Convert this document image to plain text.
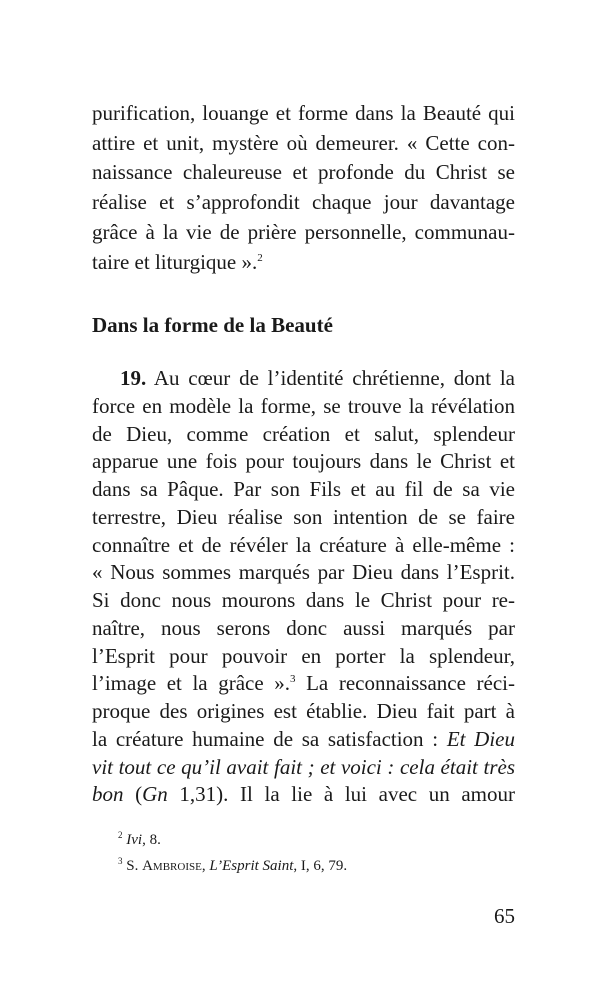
purification, louange et forme dans la Beauté qui
attire et unit, mystère où demeurer. « Cette con-
naissance chaleureuse et profonde du Christ se
réalise et s’approfondit chaque jour davantage
grâce à la vie de prière personnelle, communau-
taire et liturgique ».$^2$
Dans la forme de la Beauté
19. Au cœur de l’identité chrétienne, dont la
force en modèle la forme, se trouve la révélation
de Dieu, comme création et salut, splendeur
apparue une fois pour toujours dans le Christ et
dans sa Pâque. Par son Fils et au fil de sa vie
terrestre, Dieu réalise son intention de se faire
connaître et de révéler la créature à elle-même :
« Nous sommes marqués par Dieu dans l’Esprit.
Si donc nous mourons dans le Christ pour re-
naître, nous serons donc aussi marqués par
l’Esprit pour pouvoir en porter la splendeur,
l’image et la grâce ».$^3$ La reconnaissance réci-
proque des origines est établie. Dieu fait part à
la créature humaine de sa satisfaction : Et Dieu
vit tout ce qu’il avait fait ; et voici : cela était très
bon (Gn 1,31). Il la lie à lui avec un amour
$^2$ Ivi, 8.
$^3$ S. Ambroise, L’Esprit Saint, I, 6, 79.
65
